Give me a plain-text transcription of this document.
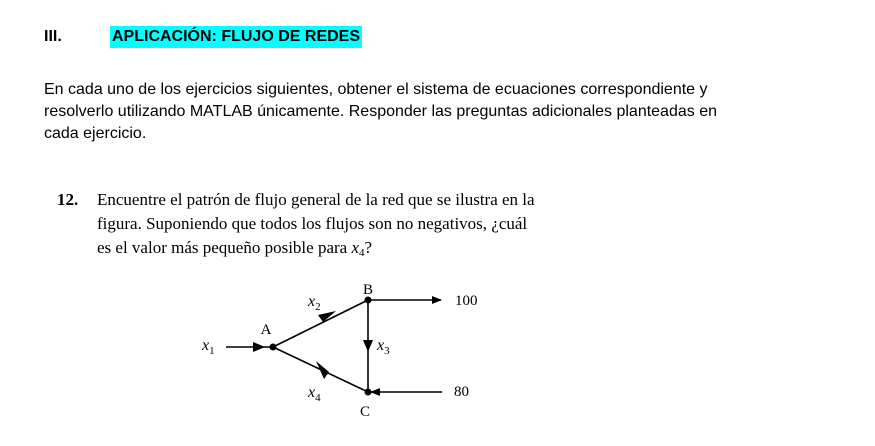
III.	APLICACIÓN: FLUJO DE REDES
En cada uno de los ejercicios siguientes, obtener el sistema de ecuaciones correspondiente y
resolverlo utilizando MATLAB únicamente. Responder las preguntas adicionales planteadas en
cada ejercicio.
12. Encuentre el patrón de flujo general de la red que se ilustra en la
figura. Suponiendo que todos los flujos son no negativos, ¿cuál
es el valor más pequeño posible para $x_4$?
A
B
C
100
80
$x_1$
$x_2$
$x_3$
$x_4$
